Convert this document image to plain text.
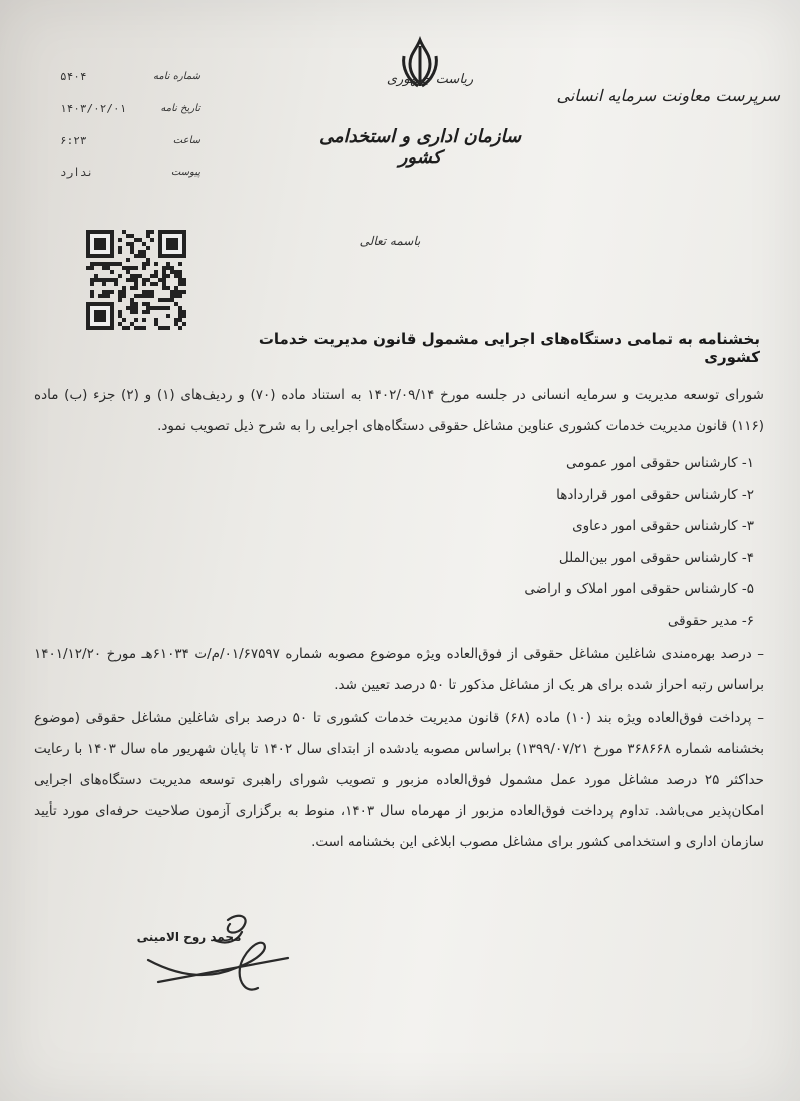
ریاست جمهوری
سازمان اداری و استخدامی کشور
سرپرست معاونت سرمایه انسانی
شماره نامه
۵۴۰۴
تاریخ نامه
۱۴۰۳/۰۲/۰۱
ساعت
۶:۲۳
پیوست
ندارد
باسمه تعالی
بخشنامه به تمامی دستگاه‌های اجرایی مشمول قانون مدیریت خدمات کشوری

شورای توسعه مدیریت و سرمایه انسانی در جلسه مورخ ۱۴۰۲/۰۹/۱۴ به استناد ماده (۷۰) و ردیف‌های (۱) و (۲) جزء (ب) ماده (۱۱۶) قانون مدیریت خدمات کشوری عناوین مشاغل حقوقی دستگاه‌های اجرایی را به شرح ذیل تصویب نمود.

۱- کارشناس حقوقی امور عمومی
۲- کارشناس حقوقی امور قراردادها
۳- کارشناس حقوقی امور دعاوی
۴- کارشناس حقوقی امور بین‌الملل
۵- کارشناس حقوقی امور املاک و اراضی
۶- مدیر حقوقی

– درصد بهره‌مندی شاغلین مشاغل حقوقی از فوق‌العاده ویژه موضوع مصوبه شماره ۰۱/۶۷۵۹۷/م/ت ۶۱۰۳۴هـ مورخ ۱۴۰۱/۱۲/۲۰ براساس رتبه احراز شده برای هر یک از مشاغل مذکور تا ۵۰ درصد تعیین شد.

– پرداخت فوق‌العاده ویژه بند (۱۰) ماده (۶۸) قانون مدیریت خدمات کشوری تا ۵۰ درصد برای شاغلین مشاغل حقوقی (موضوع بخشنامه شماره ۳۶۸۶۶۸ مورخ ۱۳۹۹/۰۷/۲۱) براساس مصوبه یادشده از ابتدای سال ۱۴۰۲ تا پایان شهریور ماه سال ۱۴۰۳ با رعایت حداکثر ۲۵ درصد مشاغل مورد عمل مشمول فوق‌العاده مزبور و تصویب شورای راهبری توسعه مدیریت دستگاه‌های اجرایی امکان‌پذیر می‌باشد. تداوم پرداخت فوق‌العاده مزبور از مهرماه سال ۱۴۰۳، منوط به برگزاری آزمون صلاحیت حرفه‌ای مورد تأیید سازمان اداری و استخدامی کشور برای مشاغل مصوب ابلاغی این بخشنامه است.

محمد روح الامینی
